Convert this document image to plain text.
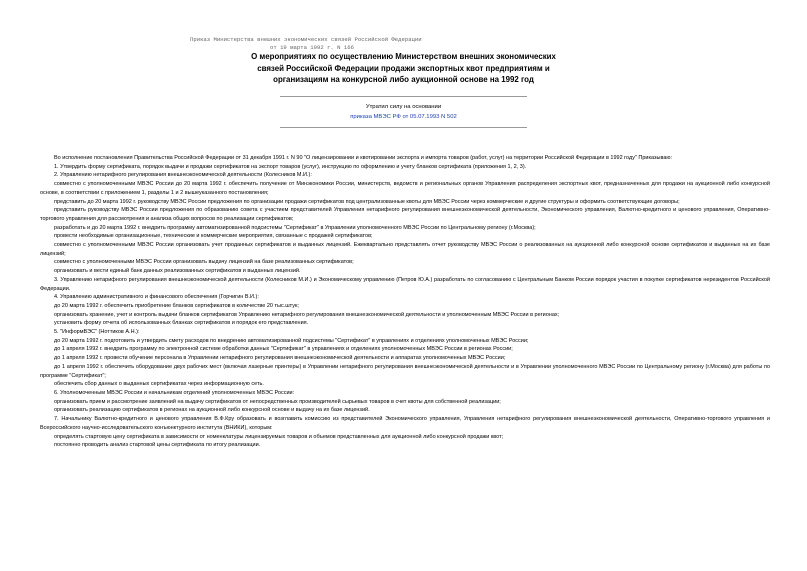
Приказ Министерства внешних экономических связей Российской Федерации
от 19 марта 1992 г. N 166
О мероприятиях по осуществлению Министерством внешних экономических
связей Российской Федерации продажи экспортных квот предприятиям и
организациям на конкурсной либо аукционной основе на 1992 год
Утратил силу на основании
приказа МВЭС РФ от 05.07.1993 N 502

Во исполнение постановления Правительства Российской Федерации от 31 декабря 1991 г. N 90 "О лицензировании и квотировании экспорта и импорта товаров (работ, услуг) на территории Российской Федерации в 1992 году" Приказываю:

1. Утвердить форму сертификата, порядок выдачи и продажи сертификатов на экспорт товаров (услуг), инструкцию по оформлению и учету бланков сертификата (приложения 1, 2, 3).

2. Управлению нетарифного регулирования внешнеэкономической деятельности (Колесников М.И.):

совместно с уполномоченными МВЭС России до 20 марта 1992 г. обеспечить получение от Минэкономики России, министерств, ведомств и региональных органов Управления распределения экспортных квот, предназначенных для продажи на аукционной либо конкурсной основе, в соответствии с приложением 1, разделы 1 и 2 вышеуказанного постановления;

представить до 20 марта 1992 г. руководству МВЭС России предложения по организации продажи сертификатов под централизованные квоты для МВЭС России через коммерческие и другие структуры и оформить соответствующие договоры;

представить руководству МВЭС России предложения по образованию совета с участием представителей Управления нетарифного регулирования внешнеэкономической деятельности, Экономического управления, Валютно-кредитного и ценового управления, Оперативно-торгового управления для рассмотрения и анализа общих вопросов по реализации сертификатов;

разработать и до 20 марта 1992 г. внедрить программу автоматизированной подсистемы "Сертификат" в Управлении уполномоченного МВЭС России по Центральному региону (г.Москва);

провести необходимые организационные, технические и коммерческие мероприятия, связанные с продажей сертификатов;

совместно с уполномоченными МВЭС России организовать учет проданных сертификатов и выданных лицензий. Ежеквартально представлять отчет руководству МВЭС России о реализованных на аукционной либо конкурсной основе сертификатов и выданных на их базе лицензий;

совместно с уполномоченными МВЭС России организовать выдачу лицензий на базе реализованных сертификатов;

организовать и вести единый банк данных реализованных сертификатов и выданных лицензий.

3. Управлению нетарифного регулирования внешнеэкономической деятельности (Колесников М.И.) и Экономическому управлению (Петров Ю.А.) разработать по согласованию с Центральным Банком России порядок участия в покупке сертификатов нерезидентов Российской Федерации.

4. Управлению административного и финансового обеспечения (Горчигин В.И.):

до 20 марта 1992 г. обеспечить приобретение бланков сертификатов в количестве 20 тыс.штук;

организовать хранение, учет и контроль выдачи бланков сертификатов Управлению нетарифного регулирования внешнеэкономической деятельности и уполномоченным МВЭС России в регионах;

установить форму отчета об использованных бланках сертификатов и порядок его представления.

5. "ИнформВЭС" (Ноттиков А.Н.):

до 20 марта 1992 г. подготовить и утвердить смету расходов по внедрению автоматизированной подсистемы "Сертификат" в управлениях и отделениях уполномоченных МВЭС России;

до 1 апреля 1992 г. внедрить программу по электронной системе обработки данных "Сертификат" в управлениях и отделениях уполномоченных МВЭС России в регионах России;

до 1 апреля 1992 г. провести обучение персонала в Управлении нетарифного регулирования внешнеэкономической деятельности и аппаратах уполномоченных МВЭС России;

до 1 апреля 1992 г. обеспечить оборудование двух рабочих мест (включая лазерные принтеры) в Управлении нетарифного регулирования внешнеэкономической деятельности и в Управлении уполномоченного МВЭС России по Центральному региону (г.Москва) для работы по программе "Сертификат";

обеспечить сбор данных о выданных сертификатах через информационную сеть.

6. Уполномоченным МВЭС России и начальникам отделений уполномоченных МВЭС России:

организовать прием и рассмотрение заявлений на выдачу сертификатов от непосредственных производителей сырьевых товаров в счет квоты для собственной реализации;

организовать реализацию сертификатов в регионах на аукционной либо конкурсной основе и выдачу на их базе лицензий.

7. Начальнику Валютно-кредитного и ценового управления В.Ф.Кру образовать и возглавить комиссию из представителей Экономического управления, Управления нетарифного регулирования внешнеэкономической деятельности, Оперативно-торгового управления и Всероссийского научно-исследовательского конъюнктурного института (ВНИКИ), которым:

определять стартовую цену сертификата в зависимости от номенклатуры лицензируемых товаров и объемов представленных для аукционной либо конкурсной продажи квот;

постоянно проводить анализ стартовой цены сертификата по итогу реализации.
